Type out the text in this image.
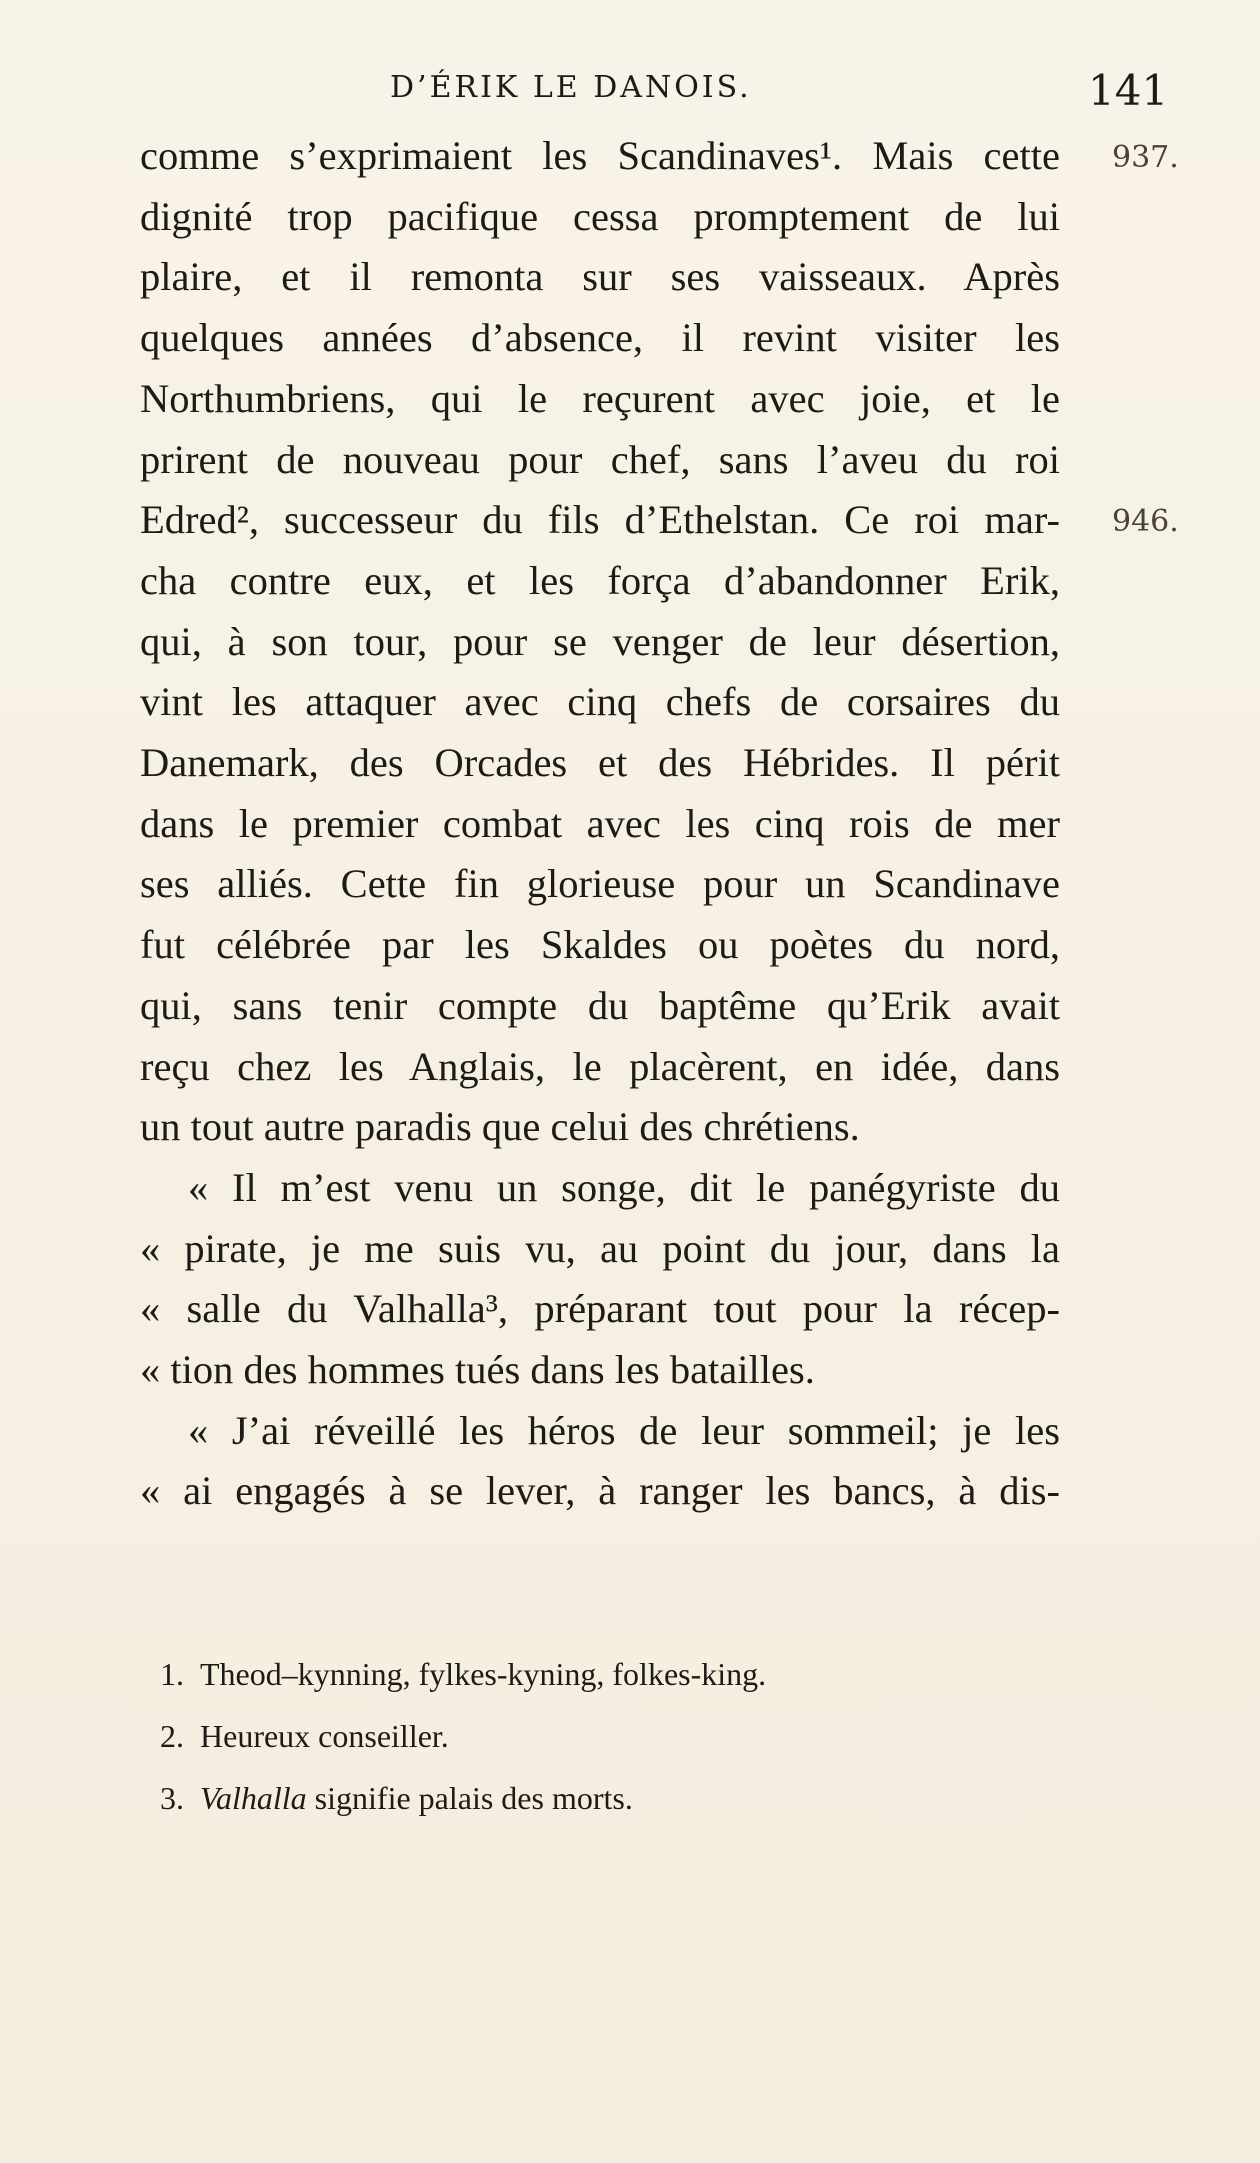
D’ÉRIK LE DANOIS.	141
937.
946.
comme s’exprimaient les Scandinaves¹. Mais cette
dignité trop pacifique cessa promptement de lui
plaire, et il remonta sur ses vaisseaux. Après
quelques années d’absence, il revint visiter les
Northumbriens, qui le reçurent avec joie, et le
prirent de nouveau pour chef, sans l’aveu du roi
Edred², successeur du fils d’Ethelstan. Ce roi mar-
cha contre eux, et les força d’abandonner Erik,
qui, à son tour, pour se venger de leur désertion,
vint les attaquer avec cinq chefs de corsaires du
Danemark, des Orcades et des Hébrides. Il périt
dans le premier combat avec les cinq rois de mer
ses alliés. Cette fin glorieuse pour un Scandinave
fut célébrée par les Skaldes ou poètes du nord,
qui, sans tenir compte du baptême qu’Erik avait
reçu chez les Anglais, le placèrent, en idée, dans
un tout autre paradis que celui des chrétiens.
« Il m’est venu un songe, dit le panégyriste du
« pirate, je me suis vu, au point du jour, dans la
« salle du Valhalla³, préparant tout pour la récep-
« tion des hommes tués dans les batailles.
« J’ai réveillé les héros de leur sommeil; je les
« ai engagés à se lever, à ranger les bancs, à dis-
1. Theod–kynning, fylkes-kyning, folkes-king.
2. Heureux conseiller.
3. Valhalla signifie palais des morts.
